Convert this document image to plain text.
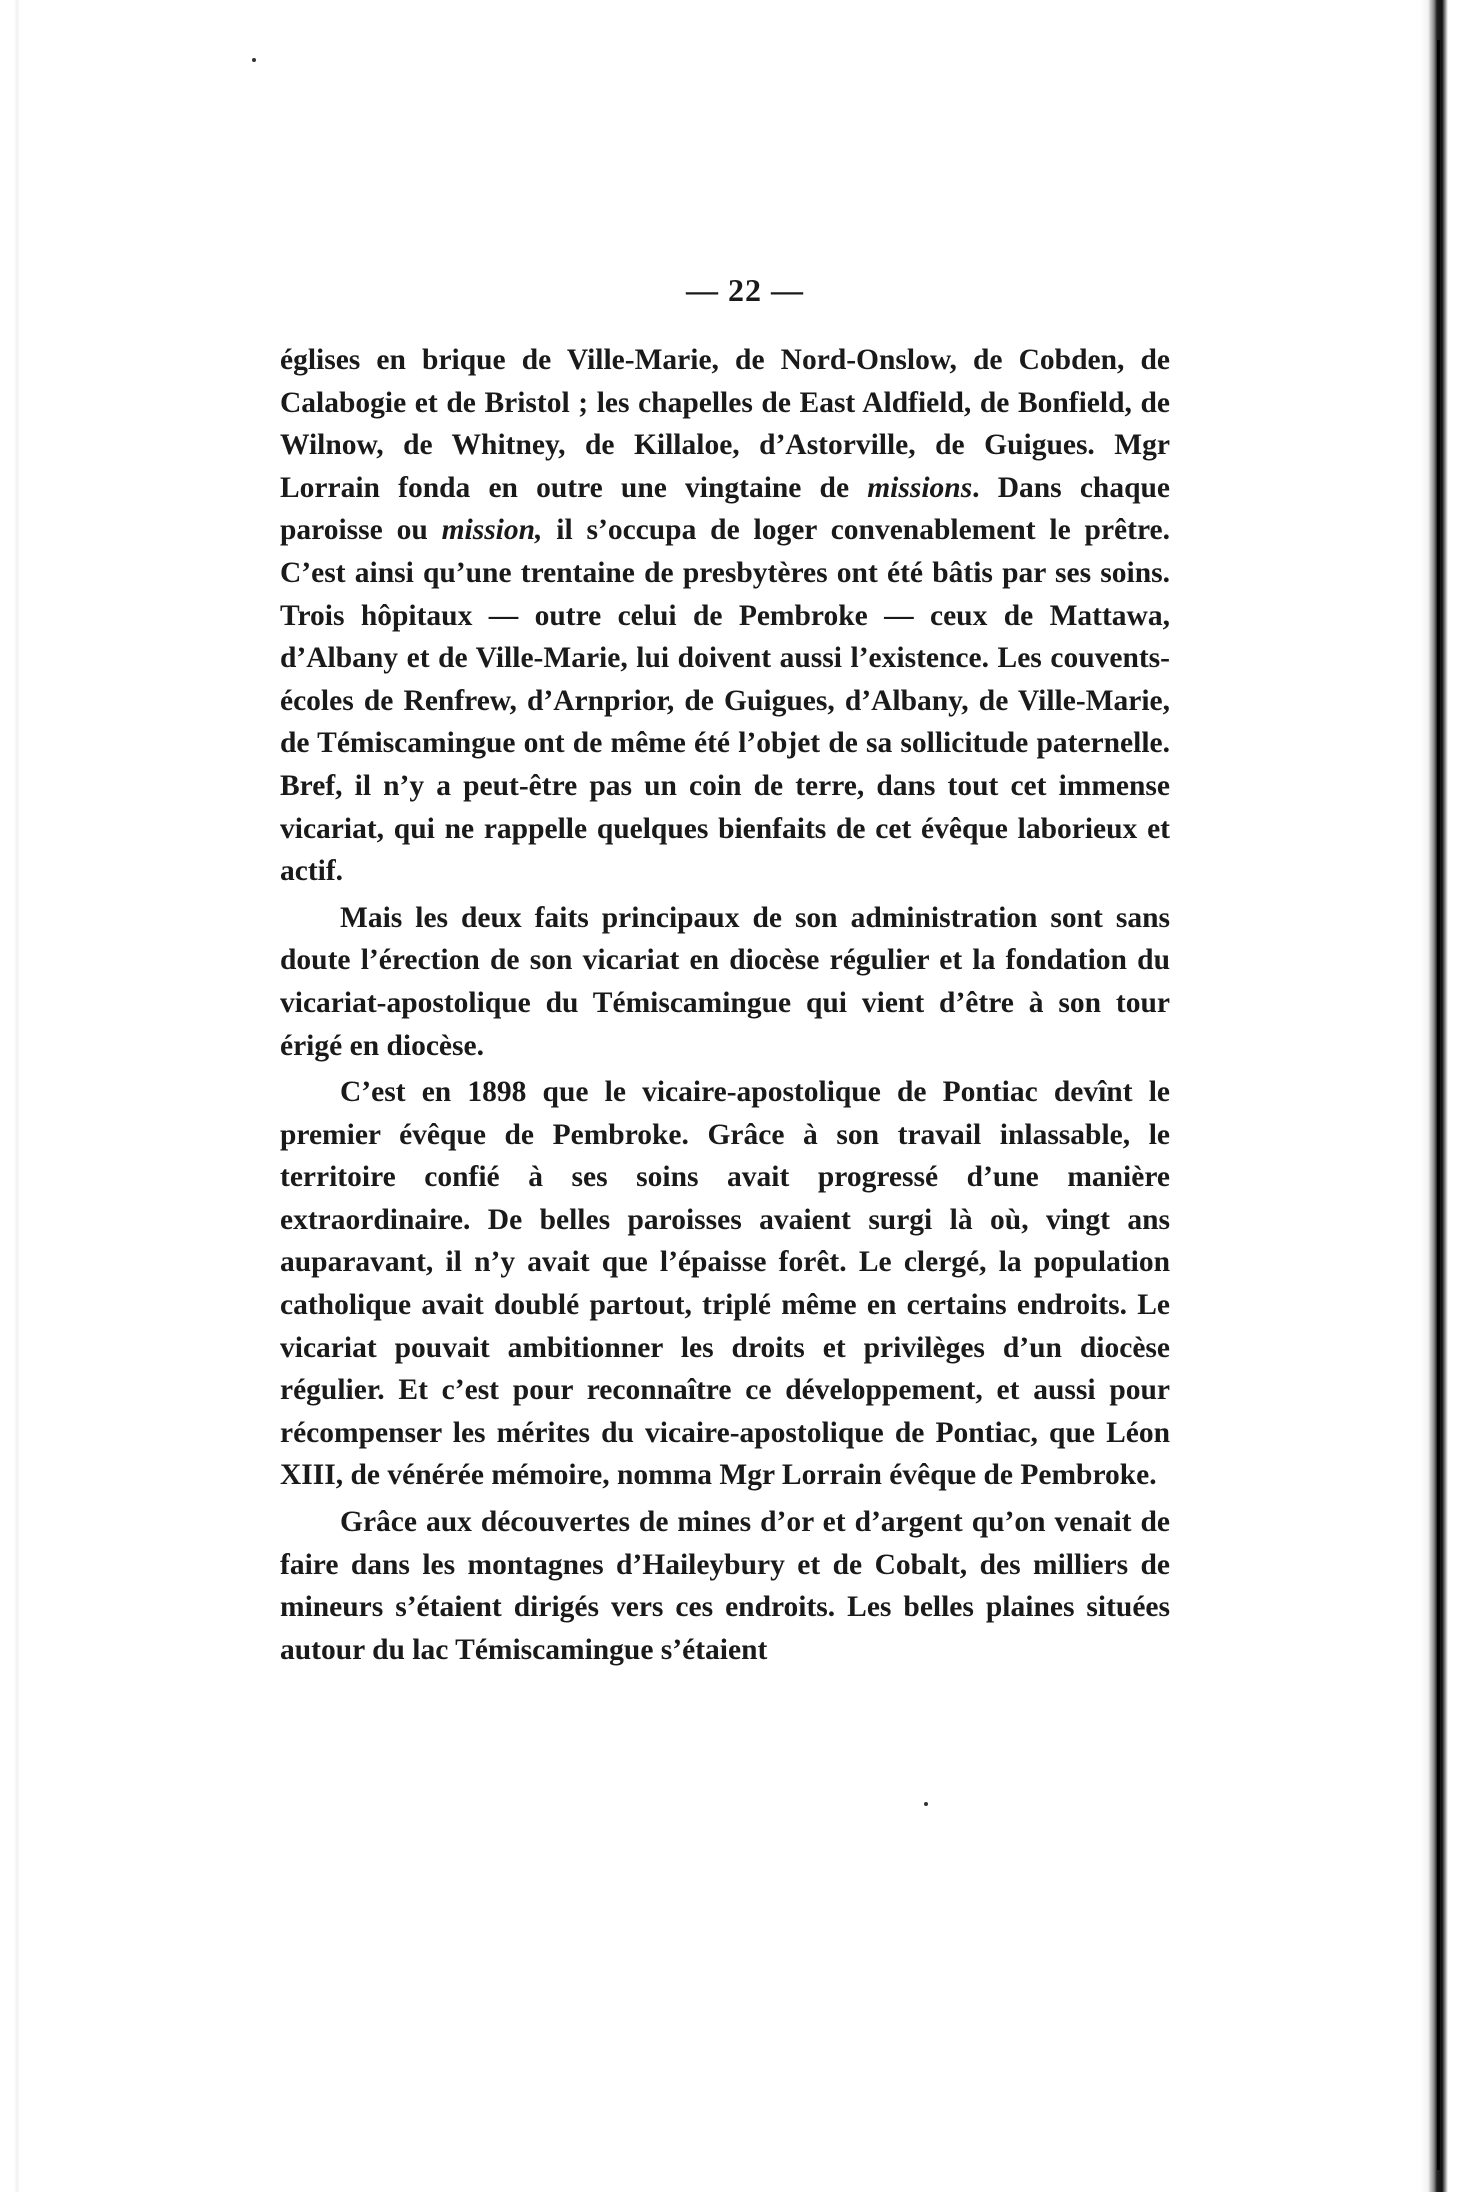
— 22 —

églises en brique de Ville-Marie, de Nord-Onslow, de Cobden, de Calabogie et de Bristol ; les chapelles de East Aldfield, de Bonfield, de Wilnow, de Whitney, de Killaloe, d’Astorville, de Guigues. Mgr Lorrain fonda en outre une vingtaine de missions. Dans chaque paroisse ou mission, il s’occupa de loger convenablement le prêtre. C’est ainsi qu’une trentaine de presbytères ont été bâtis par ses soins. Trois hôpitaux — outre celui de Pembroke — ceux de Mattawa, d’Albany et de Ville-Marie, lui doivent aussi l’existence. Les couvents-écoles de Renfrew, d’Arnprior, de Guigues, d’Albany, de Ville-Marie, de Témiscamingue ont de même été l’objet de sa sollicitude paternelle. Bref, il n’y a peut-être pas un coin de terre, dans tout cet immense vicariat, qui ne rappelle quelques bienfaits de cet évêque laborieux et actif.

Mais les deux faits principaux de son administration sont sans doute l’érection de son vicariat en diocèse régulier et la fondation du vicariat-apostolique du Témiscamingue qui vient d’être à son tour érigé en diocèse.

C’est en 1898 que le vicaire-apostolique de Pontiac devînt le premier évêque de Pembroke. Grâce à son travail inlassable, le territoire confié à ses soins avait progressé d’une manière extraordinaire. De belles paroisses avaient surgi là où, vingt ans auparavant, il n’y avait que l’épaisse forêt. Le clergé, la population catholique avait doublé partout, triplé même en certains endroits. Le vicariat pouvait ambitionner les droits et privilèges d’un diocèse régulier. Et c’est pour reconnaître ce développement, et aussi pour récompenser les mérites du vicaire-apostolique de Pontiac, que Léon XIII, de vénérée mémoire, nomma Mgr Lorrain évêque de Pembroke.

Grâce aux découvertes de mines d’or et d’argent qu’on venait de faire dans les montagnes d’Haileybury et de Cobalt, des milliers de mineurs s’étaient dirigés vers ces endroits. Les belles plaines situées autour du lac Témiscamingue s’étaient
